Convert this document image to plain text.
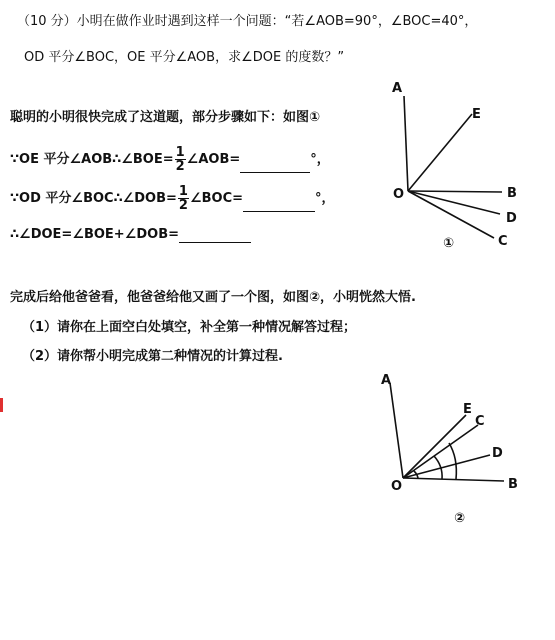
（10 分）小明在做作业时遇到这样一个问题：“若∠AOB=90°，∠BOC=40°，
OD 平分∠BOC，OE 平分∠AOB，求∠DOE 的度数？”
聪明的小明很快完成了这道题，部分步骤如下：如图①
∵OE 平分∠AOB∴∠BOE= $\frac{1}{2}$ ∠AOB=	°，
∵OD 平分∠BOC∴∠DOB= $\frac{1}{2}$ ∠BOC=	°，
∴∠DOE=∠BOE+∠DOB=
完成后给他爸爸看，他爸爸给他又画了一个图，如图②，小明恍然大悟.
（1）请你在上面空白处填空，补全第一种情况解答过程；
（2）请你帮小明完成第二种情况的计算过程.
A
E
O	B
D
C
①
A
E
C
D
O	B
②
